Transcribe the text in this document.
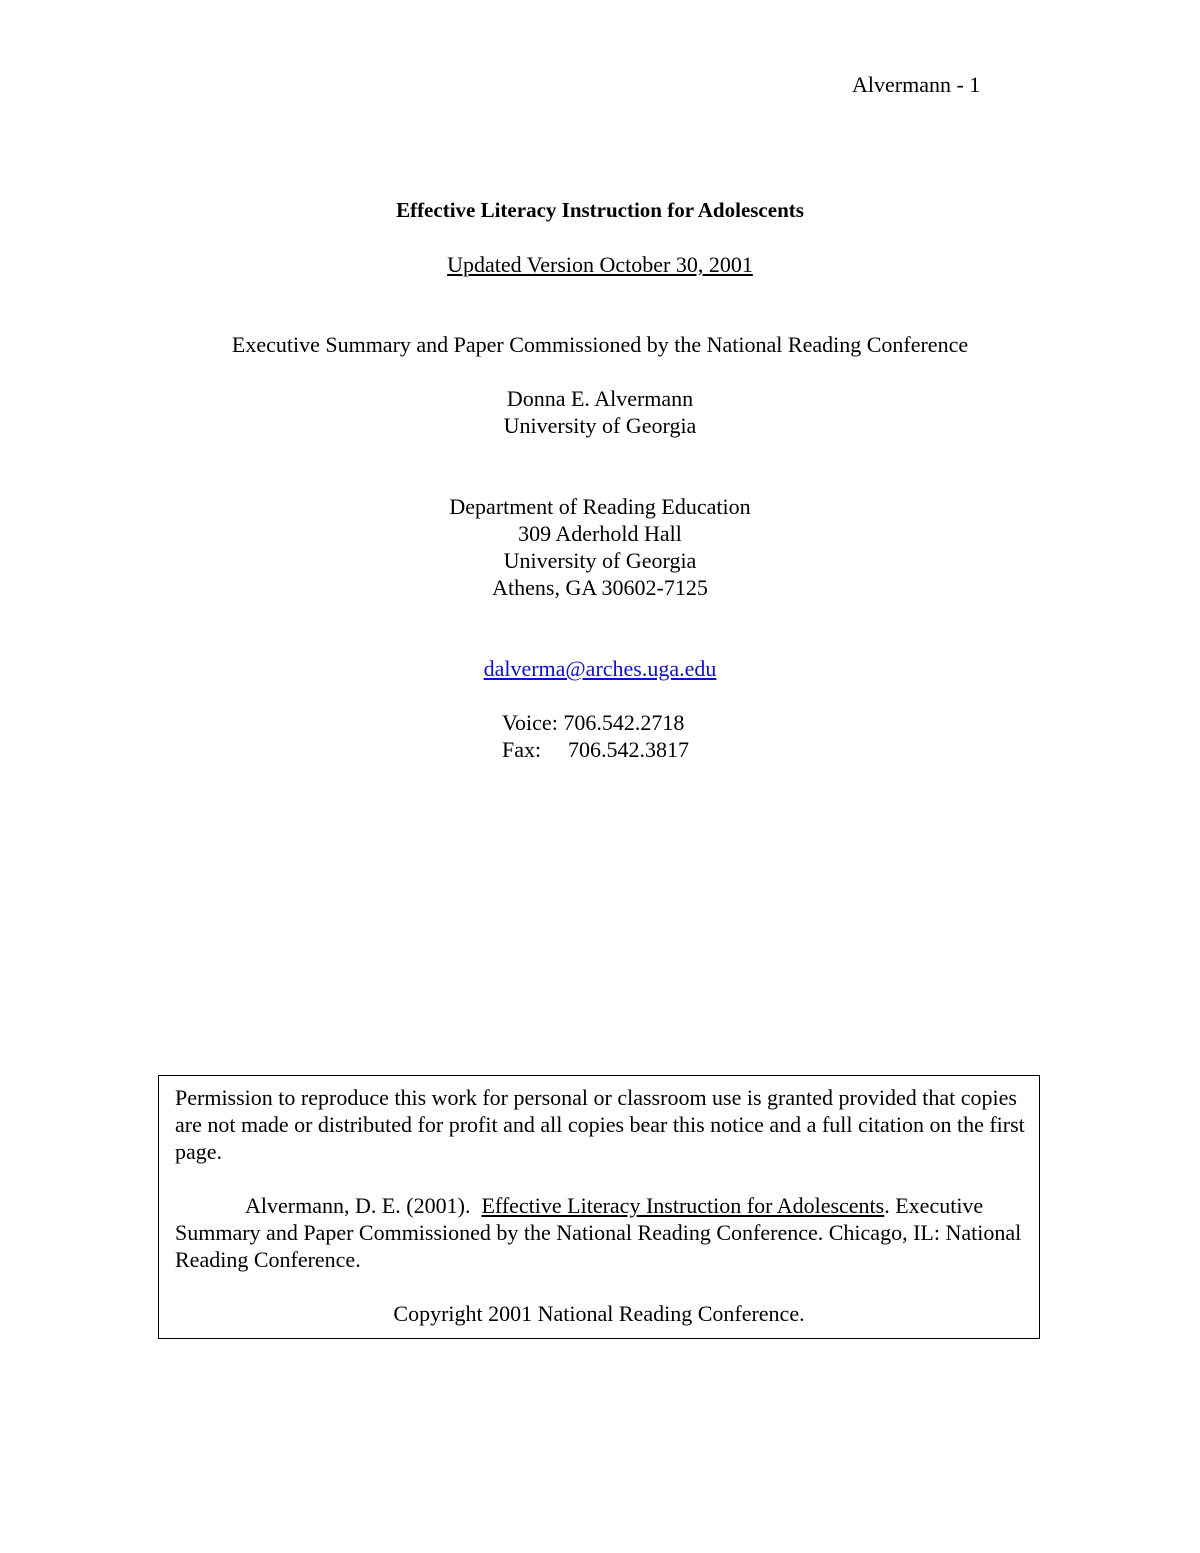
Alvermann - 1
Effective Literacy Instruction for Adolescents
Updated Version October 30, 2001
Executive Summary and Paper Commissioned by the National Reading Conference
Donna E. Alvermann
University of Georgia
Department of Reading Education
309 Aderhold Hall
University of Georgia
Athens, GA 30602-7125
dalverma@arches.uga.edu
Voice: 706.542.2718
Fax: 706.542.3817
Permission to reproduce this work for personal or classroom use is granted provided that copies are not made or distributed for profit and all copies bear this notice and a full citation on the first page.
Alvermann, D. E. (2001). Effective Literacy Instruction for Adolescents. Executive Summary and Paper Commissioned by the National Reading Conference. Chicago, IL: National Reading Conference.
Copyright 2001 National Reading Conference.
